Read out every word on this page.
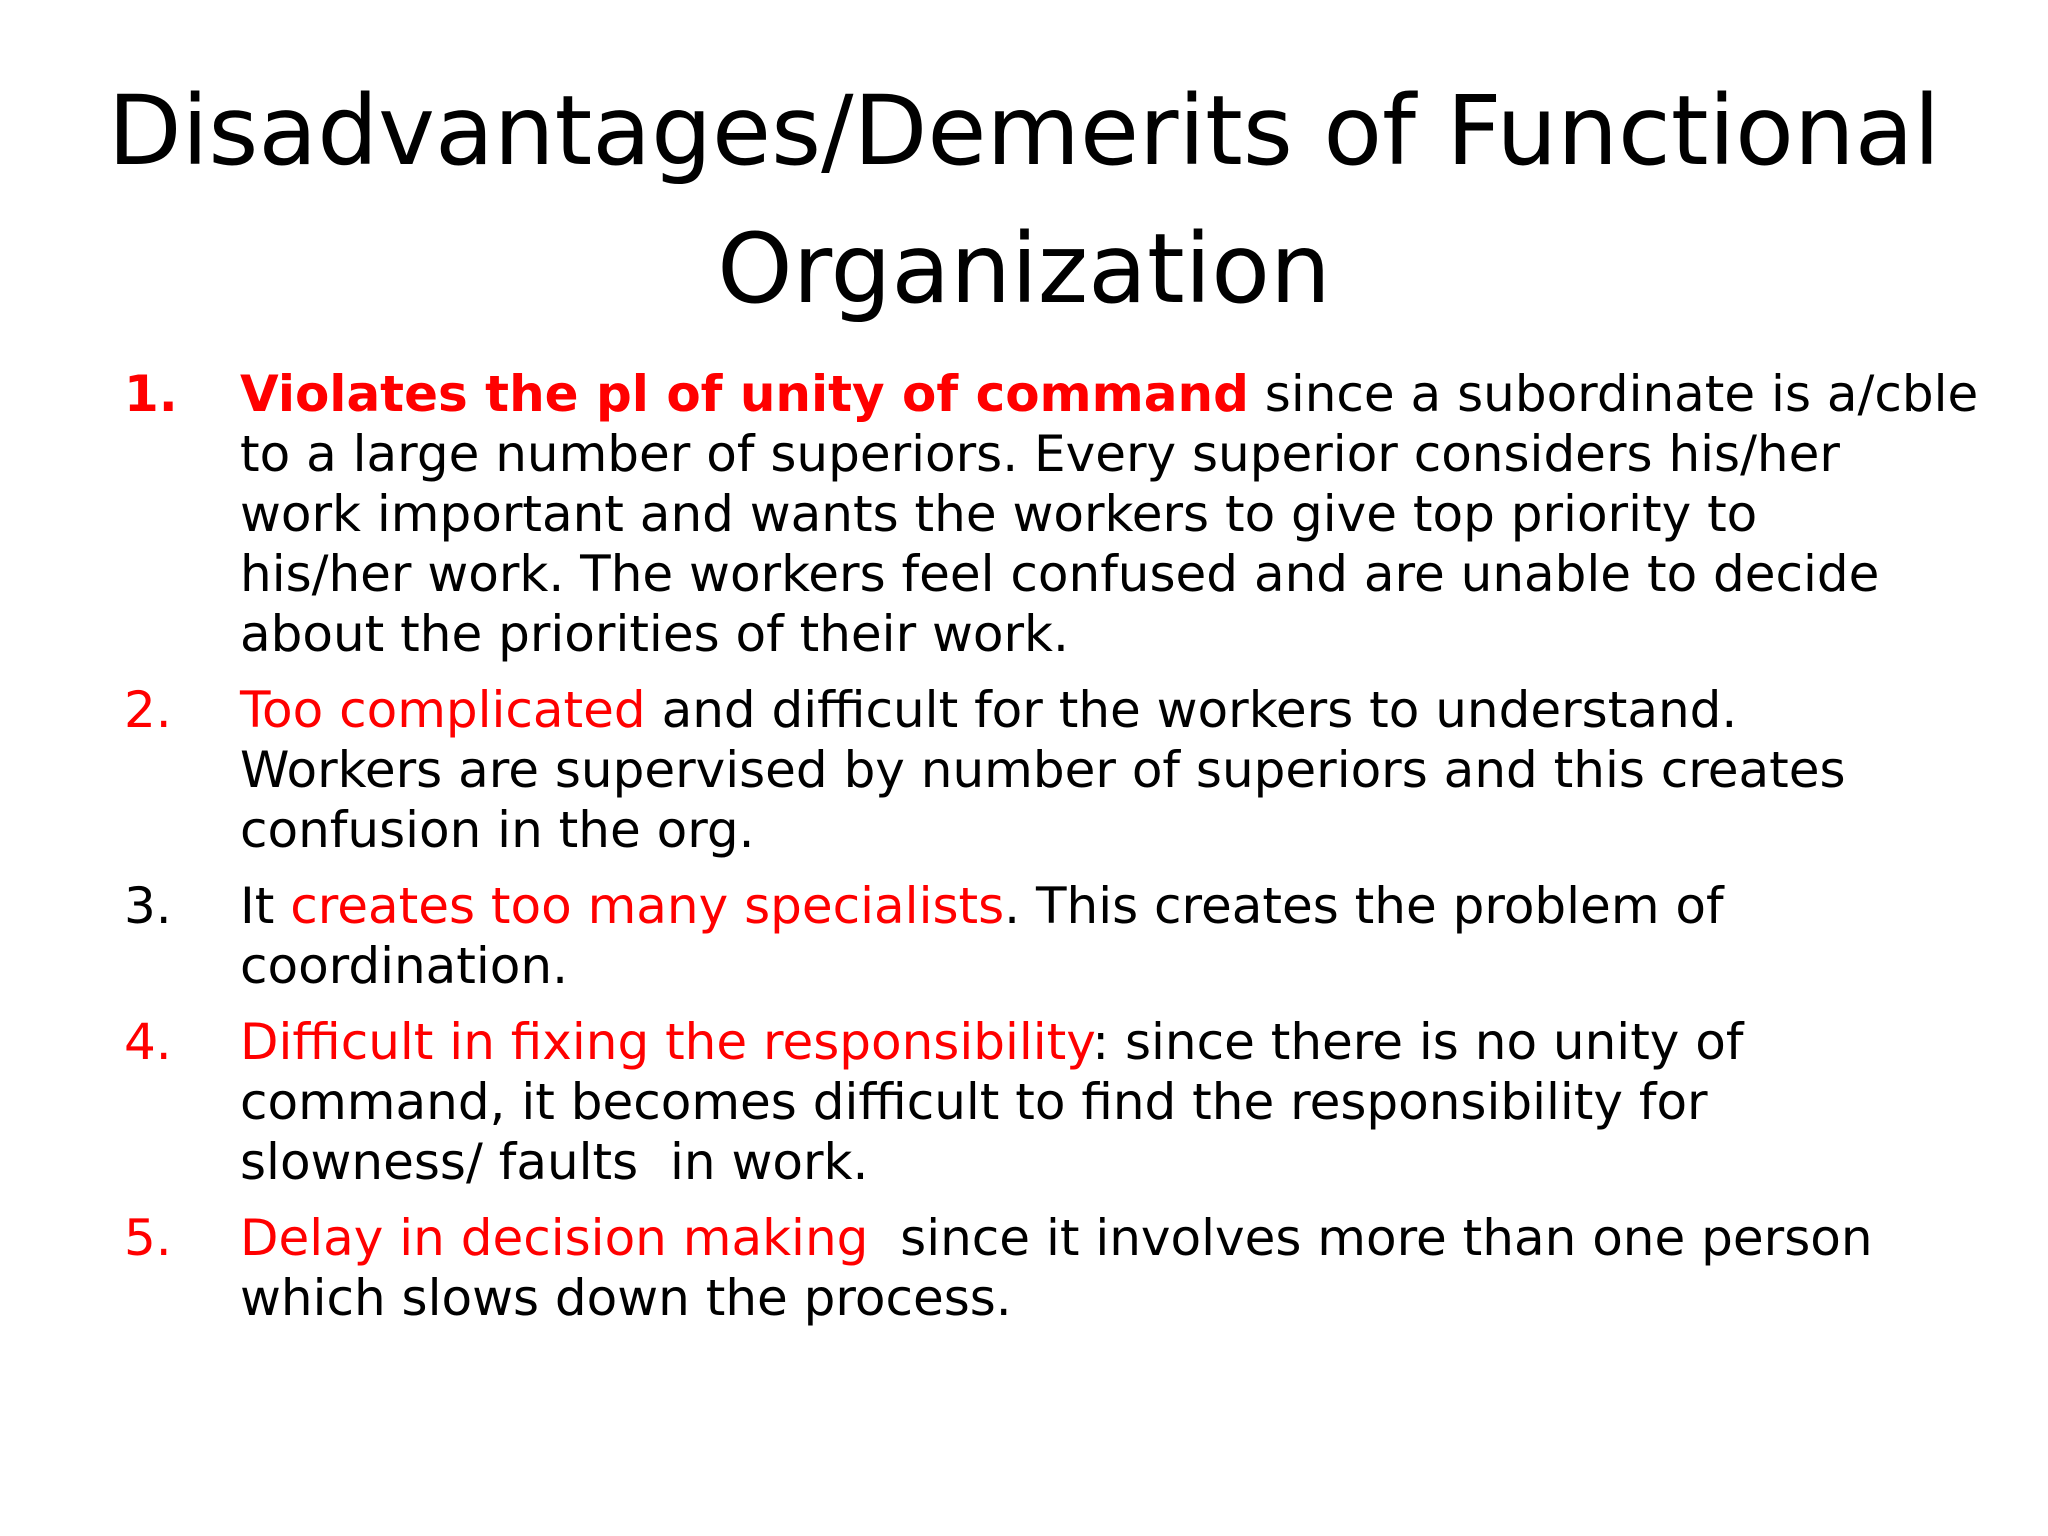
Disadvantages/Demerits of Functional
Organization
1. Violates the pl of unity of command since a subordinate is a/cble
to a large number of superiors. Every superior considers his/her
work important and wants the workers to give top priority to
his/her work. The workers feel confused and are unable to decide
about the priorities of their work.
2. Too complicated and difficult for the workers to understand.
Workers are supervised by number of superiors and this creates
confusion in the org.
3. It creates too many specialists. This creates the problem of
coordination.
4. Difficult in fixing the responsibility: since there is no unity of
command, it becomes difficult to find the responsibility for
slowness/ faults  in work.
5. Delay in decision making  since it involves more than one person
which slows down the process.
